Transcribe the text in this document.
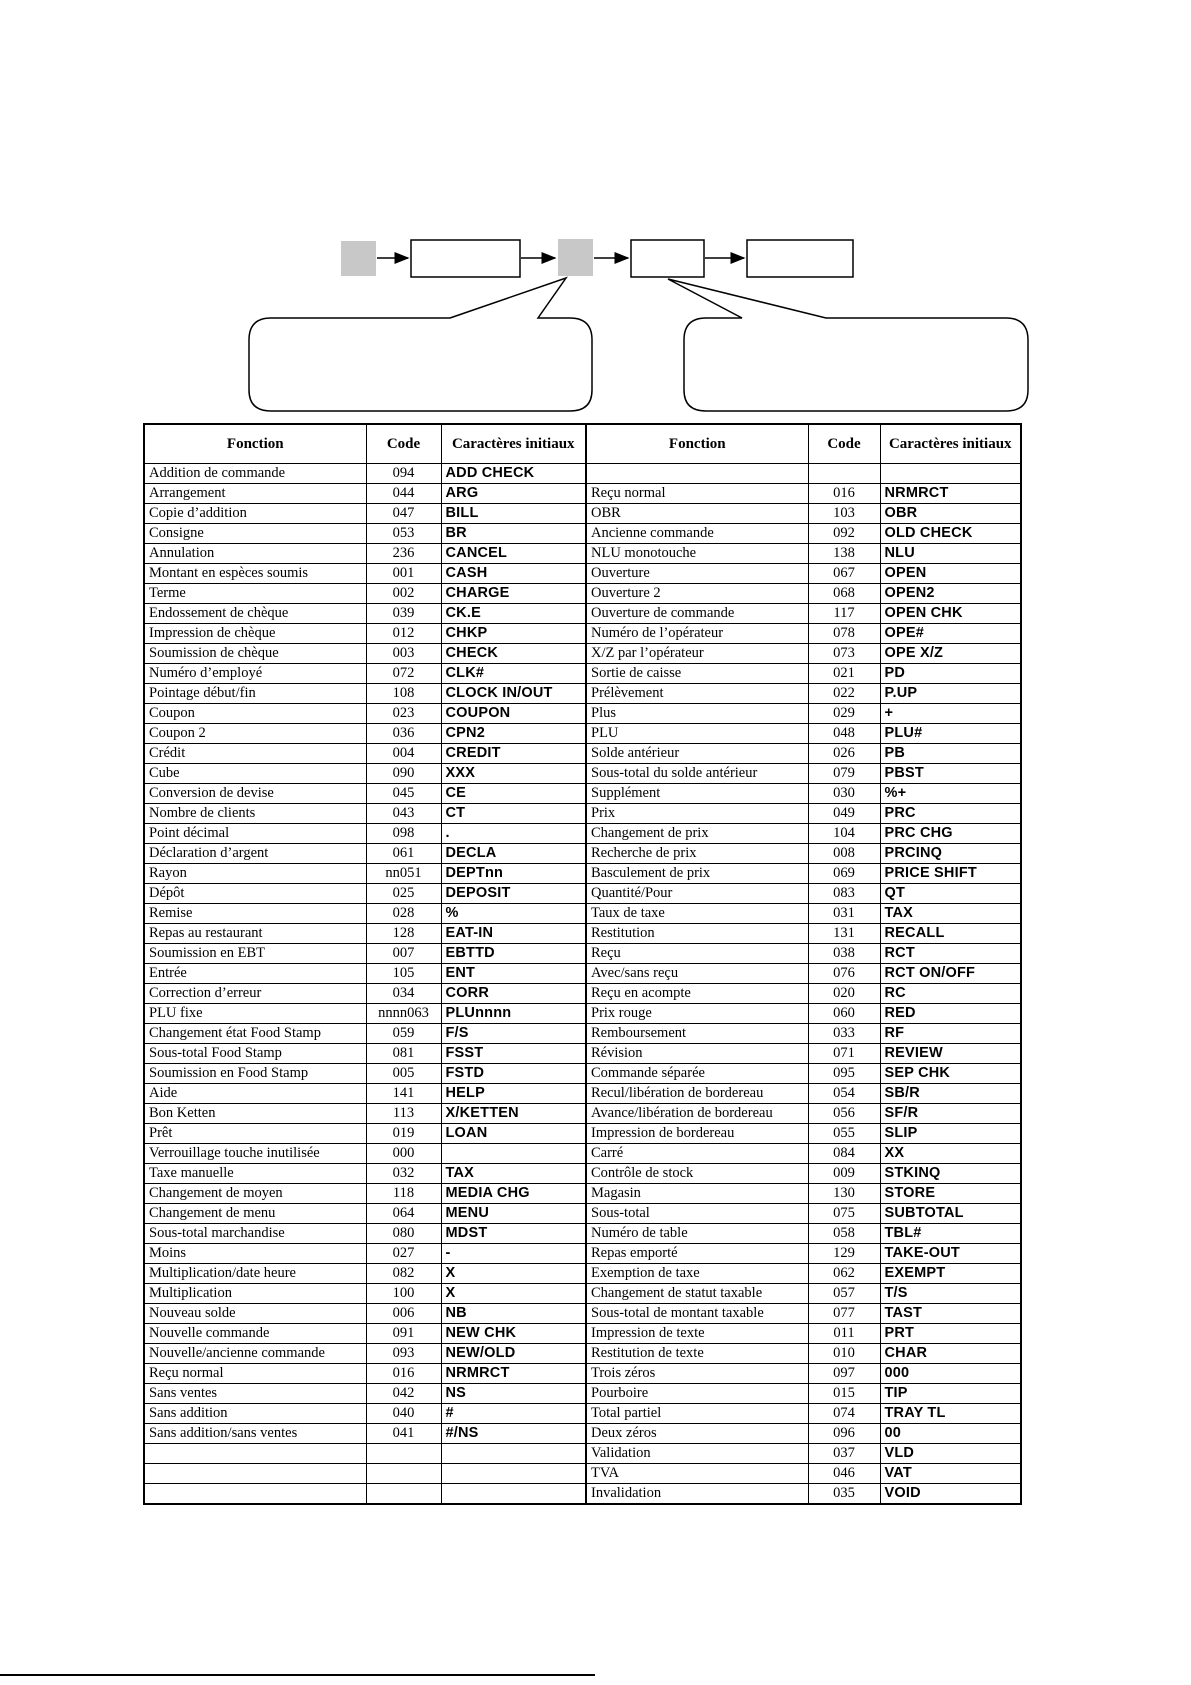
Fonction	Code	Caractères initiaux	Fonction	Code	Caractères initiaux
Addition de commande	094	ADD CHECK			
Arrangement	044	ARG	Reçu normal	016	NRMRCT
Copie d’addition	047	BILL	OBR	103	OBR
Consigne	053	BR	Ancienne commande	092	OLD CHECK
Annulation	236	CANCEL	NLU monotouche	138	NLU
Montant en espèces soumis	001	CASH	Ouverture	067	OPEN
Terme	002	CHARGE	Ouverture 2	068	OPEN2
Endossement de chèque	039	CK.E	Ouverture de commande	117	OPEN CHK
Impression de chèque	012	CHKP	Numéro de l’opérateur	078	OPE#
Soumission de chèque	003	CHECK	X/Z par l’opérateur	073	OPE X/Z
Numéro d’employé	072	CLK#	Sortie de caisse	021	PD
Pointage début/fin	108	CLOCK IN/OUT	Prélèvement	022	P.UP
Coupon	023	COUPON	Plus	029	+
Coupon 2	036	CPN2	PLU	048	PLU#
Crédit	004	CREDIT	Solde antérieur	026	PB
Cube	090	XXX	Sous-total du solde antérieur	079	PBST
Conversion de devise	045	CE	Supplément	030	%+
Nombre de clients	043	CT	Prix	049	PRC
Point décimal	098	.	Changement de prix	104	PRC CHG
Déclaration d’argent	061	DECLA	Recherche de prix	008	PRCINQ
Rayon	nn051	DEPTnn	Basculement de prix	069	PRICE SHIFT
Dépôt	025	DEPOSIT	Quantité/Pour	083	QT
Remise	028	%	Taux de taxe	031	TAX
Repas au restaurant	128	EAT-IN	Restitution	131	RECALL
Soumission en EBT	007	EBTTD	Reçu	038	RCT
Entrée	105	ENT	Avec/sans reçu	076	RCT ON/OFF
Correction d’erreur	034	CORR	Reçu en acompte	020	RC
PLU fixe	nnnn063	PLUnnnn	Prix rouge	060	RED
Changement état Food Stamp	059	F/S	Remboursement	033	RF
Sous-total Food Stamp	081	FSST	Révision	071	REVIEW
Soumission en Food Stamp	005	FSTD	Commande séparée	095	SEP CHK
Aide	141	HELP	Recul/libération de bordereau	054	SB/R
Bon Ketten	113	X/KETTEN	Avance/libération de bordereau	056	SF/R
Prêt	019	LOAN	Impression de bordereau	055	SLIP
Verrouillage touche inutilisée	000		Carré	084	XX
Taxe manuelle	032	TAX	Contrôle de stock	009	STKINQ
Changement de moyen	118	MEDIA CHG	Magasin	130	STORE
Changement de menu	064	MENU	Sous-total	075	SUBTOTAL
Sous-total marchandise	080	MDST	Numéro de table	058	TBL#
Moins	027	-	Repas emporté	129	TAKE-OUT
Multiplication/date heure	082	X	Exemption de taxe	062	EXEMPT
Multiplication	100	X	Changement de statut taxable	057	T/S
Nouveau solde	006	NB	Sous-total de montant taxable	077	TAST
Nouvelle commande	091	NEW CHK	Impression de texte	011	PRT
Nouvelle/ancienne commande	093	NEW/OLD	Restitution de texte	010	CHAR
Reçu normal	016	NRMRCT	Trois zéros	097	000
Sans ventes	042	NS	Pourboire	015	TIP
Sans addition	040	#	Total partiel	074	TRAY TL
Sans addition/sans ventes	041	#/NS	Deux zéros	096	00
			Validation	037	VLD
			TVA	046	VAT
			Invalidation	035	VOID
